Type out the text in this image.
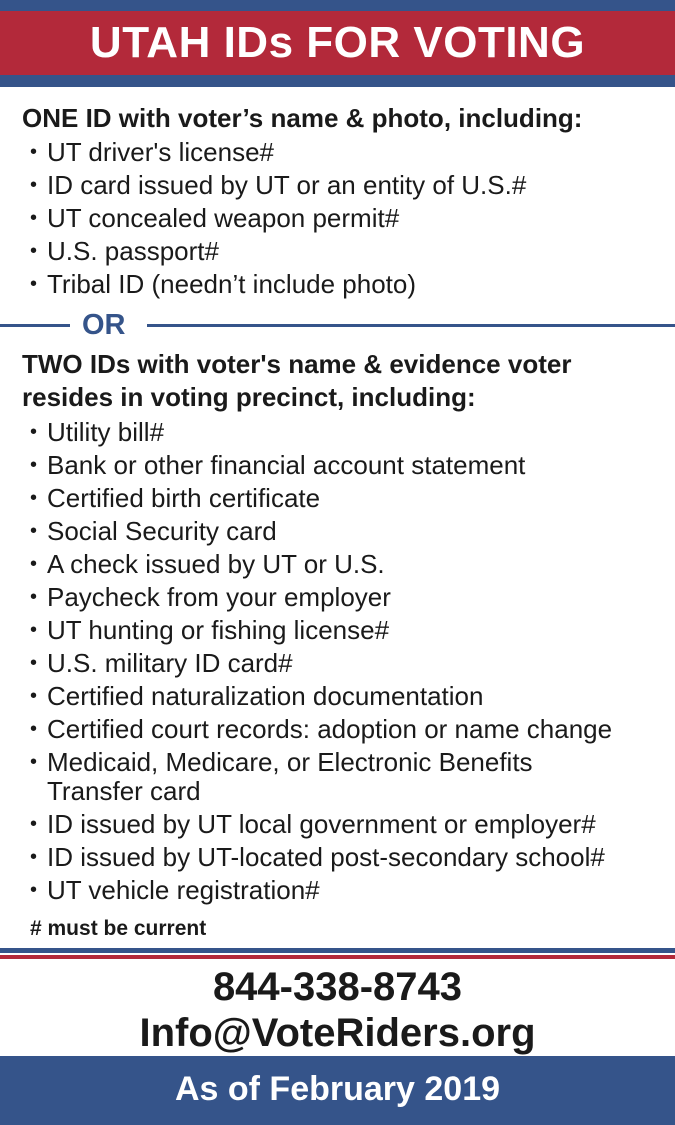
UTAH IDs FOR VOTING
ONE ID with voter’s name & photo, including:
• UT driver's license#
• ID card issued by UT or an entity of U.S.#
• UT concealed weapon permit#
• U.S. passport#
• Tribal ID (needn’t include photo)
OR
TWO IDs with voter's name & evidence voter
resides in voting precinct, including:
• Utility bill#
• Bank or other financial account statement
• Certified birth certificate
• Social Security card
• A check issued by UT or U.S.
• Paycheck from your employer
• UT hunting or fishing license#
• U.S. military ID card#
• Certified naturalization documentation
• Certified court records: adoption or name change
• Medicaid, Medicare, or Electronic Benefits
Transfer card
• ID issued by UT local government or employer#
• ID issued by UT-located post-secondary school#
• UT vehicle registration#
# must be current
844-338-8743
Info@VoteRiders.org
As of February 2019
